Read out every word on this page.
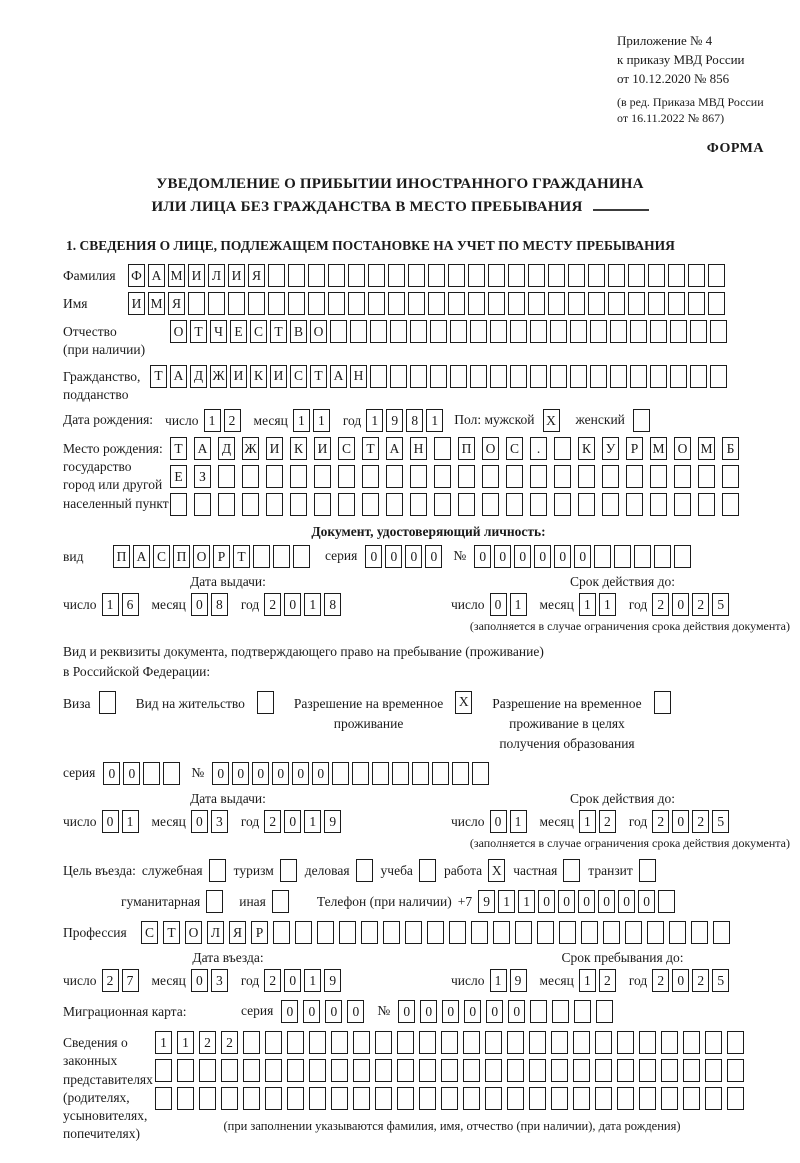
Приложение № 4
к приказу МВД России
от 10.12.2020 № 856
(в ред. Приказа МВД России
от 16.11.2022 № 867)
ФОРМА
УВЕДОМЛЕНИЕ О ПРИБЫТИИ ИНОСТРАННОГО ГРАЖДАНИНА
ИЛИ ЛИЦА БЕЗ ГРАЖДАНСТВА В МЕСТО ПРЕБЫВАНИЯ
1. СВЕДЕНИЯ О ЛИЦЕ, ПОДЛЕЖАЩЕМ ПОСТАНОВКЕ НА УЧЕТ ПО МЕСТУ ПРЕБЫВАНИЯ
Фамилия	Ф А М И Л И Я
Имя	И М Я
Отчество
(при наличии)
О Т Ч Е С Т В О
Гражданство,
подданство
Т А Д Ж И К И С Т А Н
Дата рождения: число 1 2	месяц 1 1	год 1 9 8 1	Пол:
мужской X женский
Место рождения:
государство
город или другой
населенный пункт
Т	А Д Ж И К И С	Т	А Н	П О С	.	К У	Р	М О М	Б
Е	З
Документ, удостоверяющий личность:
вид	П А С П О Р Т	серия 0 0 0 0	№ 0 0 0 0 0 0
Дата выдачи:
число 1 6	месяц 0 8	год 2 0 1 8
Срок действия до:
число 0 1	месяц 1 1	год 2 0 2 5
(заполняется в случае ограничения срока действия документа)
Вид и реквизиты документа, подтверждающего право на пребывание (проживание)
в Российской Федерации:
Виза	Вид на жительство	Разрешение на временное
проживание
X Разрешение на временное
проживание в целях
получения образования
серия 0 0	№ 0 0 0 0 0 0
Дата выдачи:
число 0 1	месяц 0 3	год 2 0 1 9
Срок действия до:
число 0 1	месяц 1 2	год 2 0 2 5
(заполняется в случае ограничения срока действия документа)
Цель въезда: служебная туризм деловая учеба работа X частная транзит
гуманитарная	иная	Телефон (при наличии) +7 9 1 1 0 0 0 0 0 0
Профессия	С Т О Л Я	Р
Дата въезда:
число 2 7	месяц 0 3	год 2 0 1 9
Срок пребывания до:
число 1 9	месяц 1 2	год 2 0 2 5
Миграционная карта:	серия 0	0	0	0	№ 0	0	0	0	0	0
Сведения о
законных
представителях
(родителях,
усыновителях,
попечителях)
1	1	2	2
(при заполнении указываются фамилия, имя, отчество (при наличии), дата рождения)
